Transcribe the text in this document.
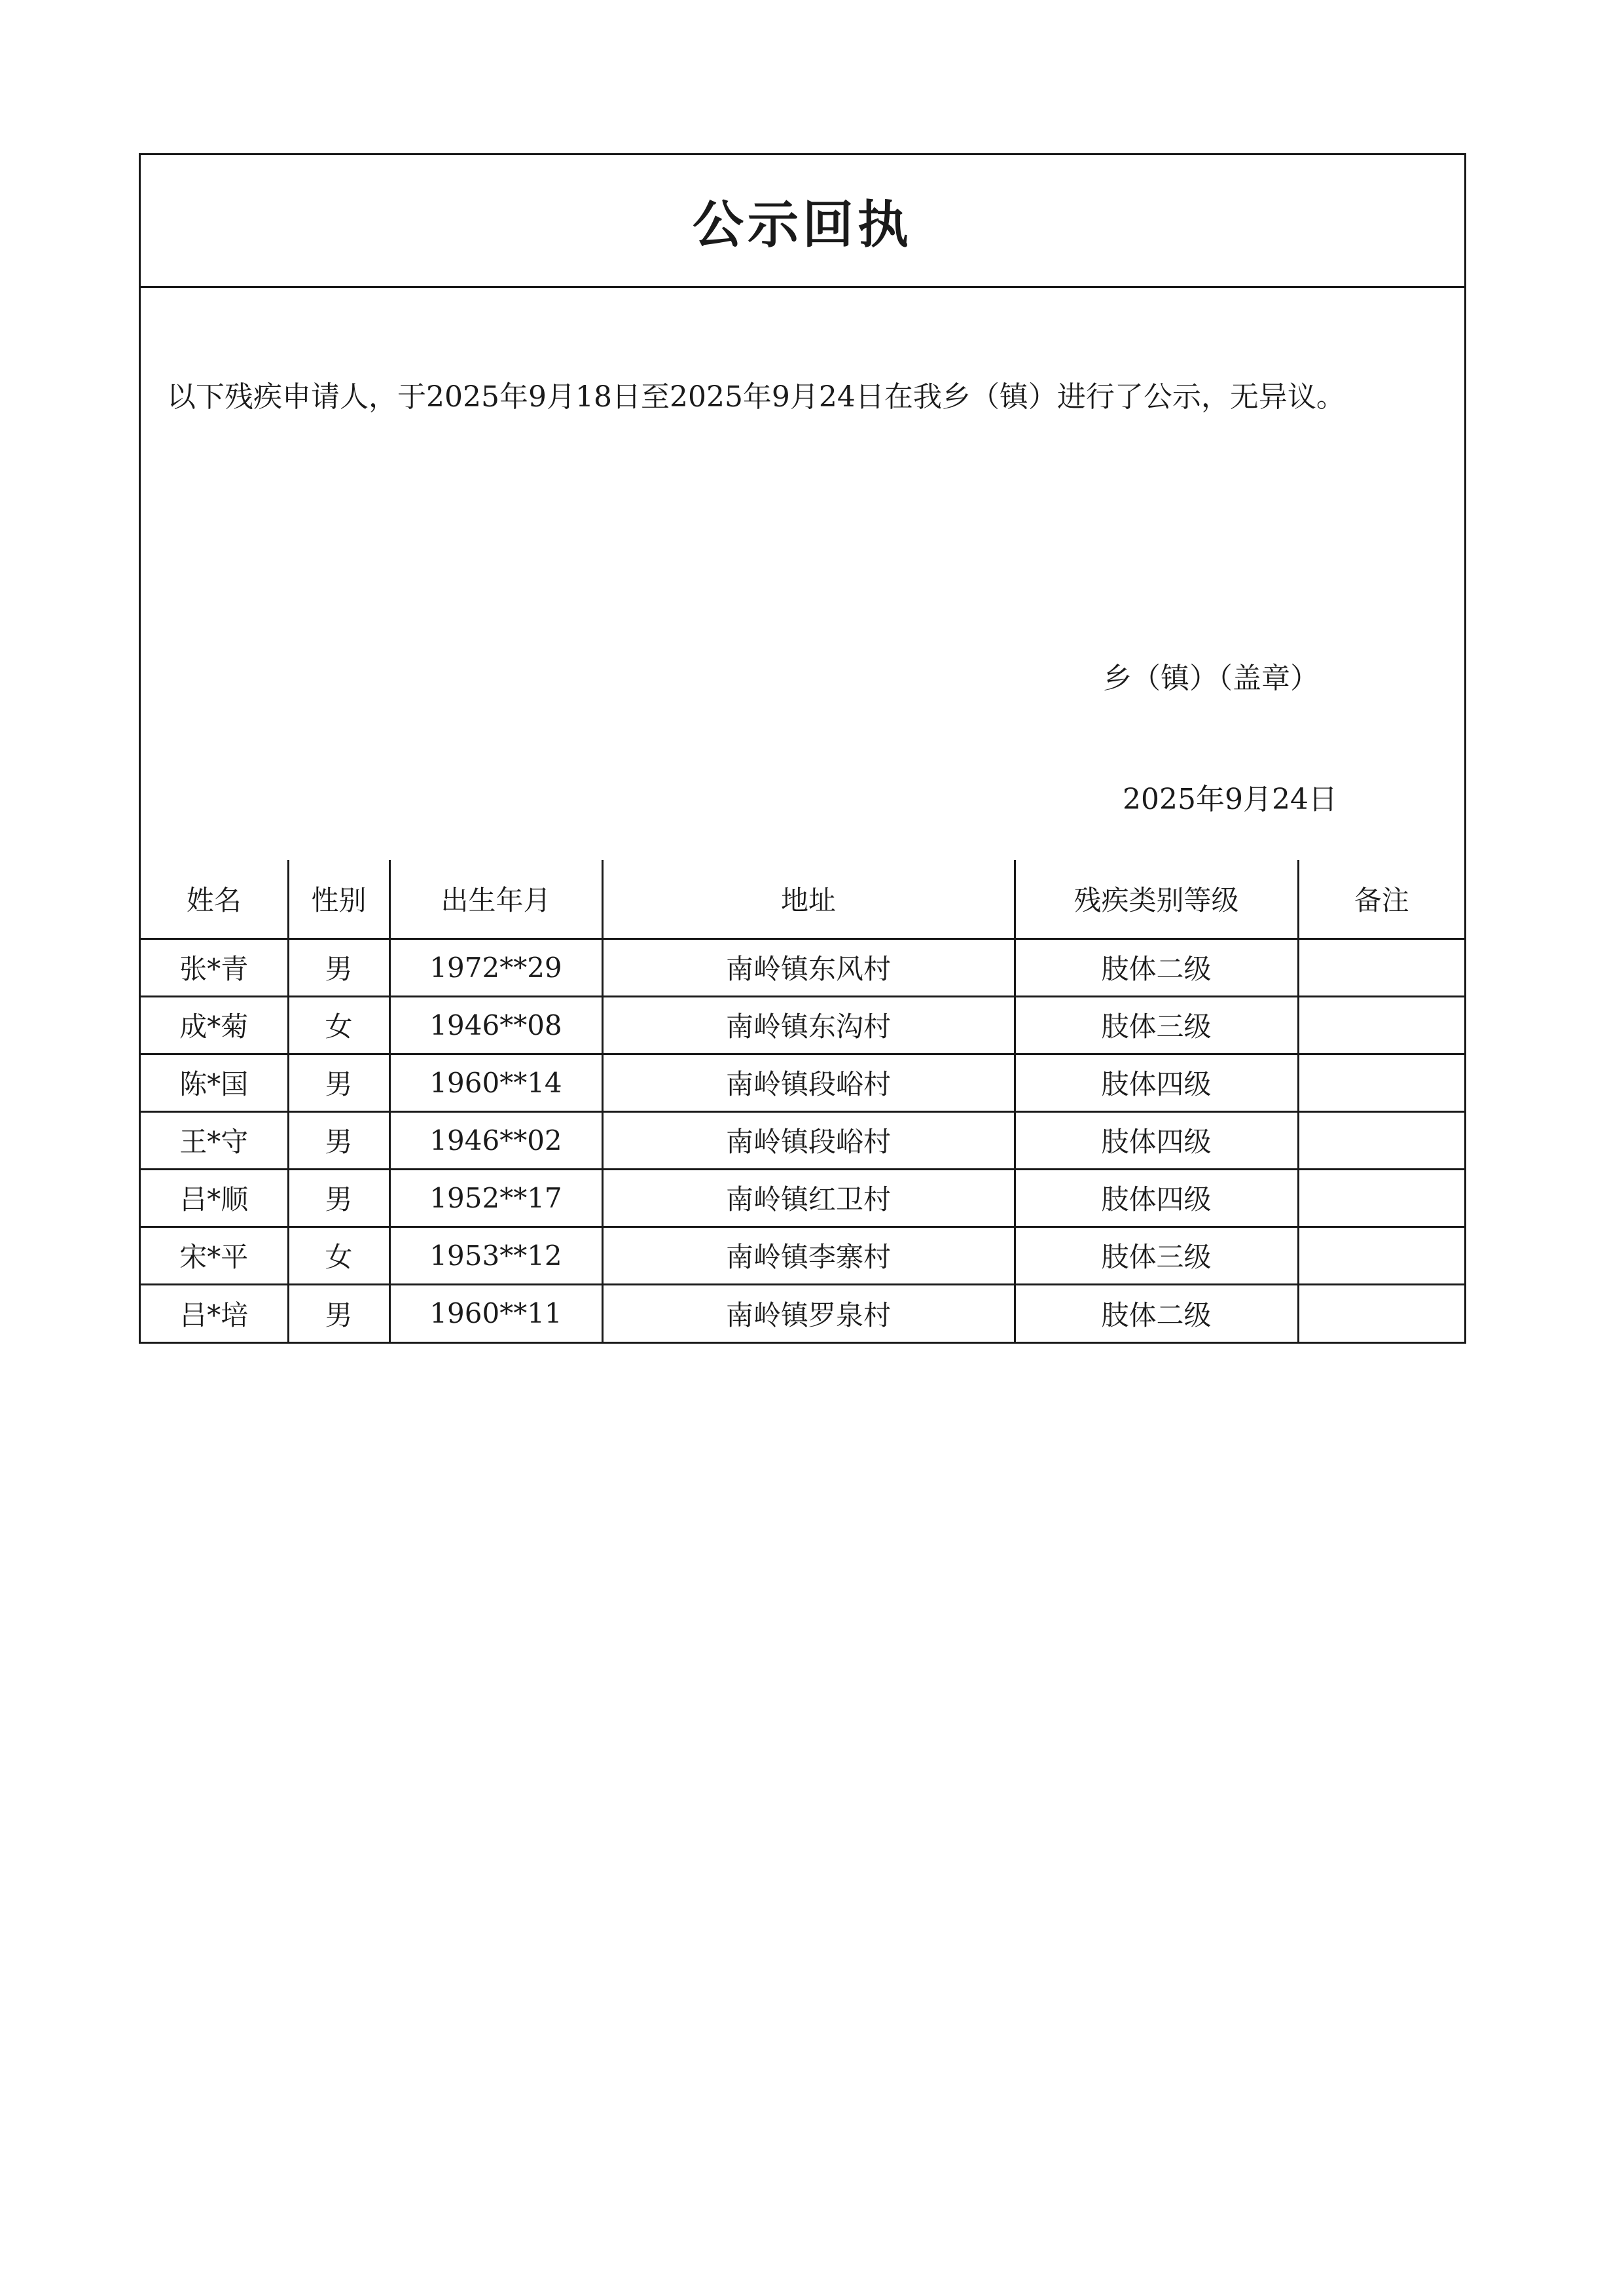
公示回执
以下残疾申请人，于2025年9月18日至2025年9月24日在我乡（镇）进行了公示，无异议。
乡（镇）（盖章）
2025年9月24日
姓名	性别	出生年月	地址	残疾类别等级	备注
张*青	男	1972**29	南岭镇东风村	肢体二级	
成*菊	女	1946**08	南岭镇东沟村	肢体三级	
陈*国	男	1960**14	南岭镇段峪村	肢体四级	
王*守	男	1946**02	南岭镇段峪村	肢体四级	
吕*顺	男	1952**17	南岭镇红卫村	肢体四级	
宋*平	女	1953**12	南岭镇李寨村	肢体三级	
吕*培	男	1960**11	南岭镇罗泉村	肢体二级	
